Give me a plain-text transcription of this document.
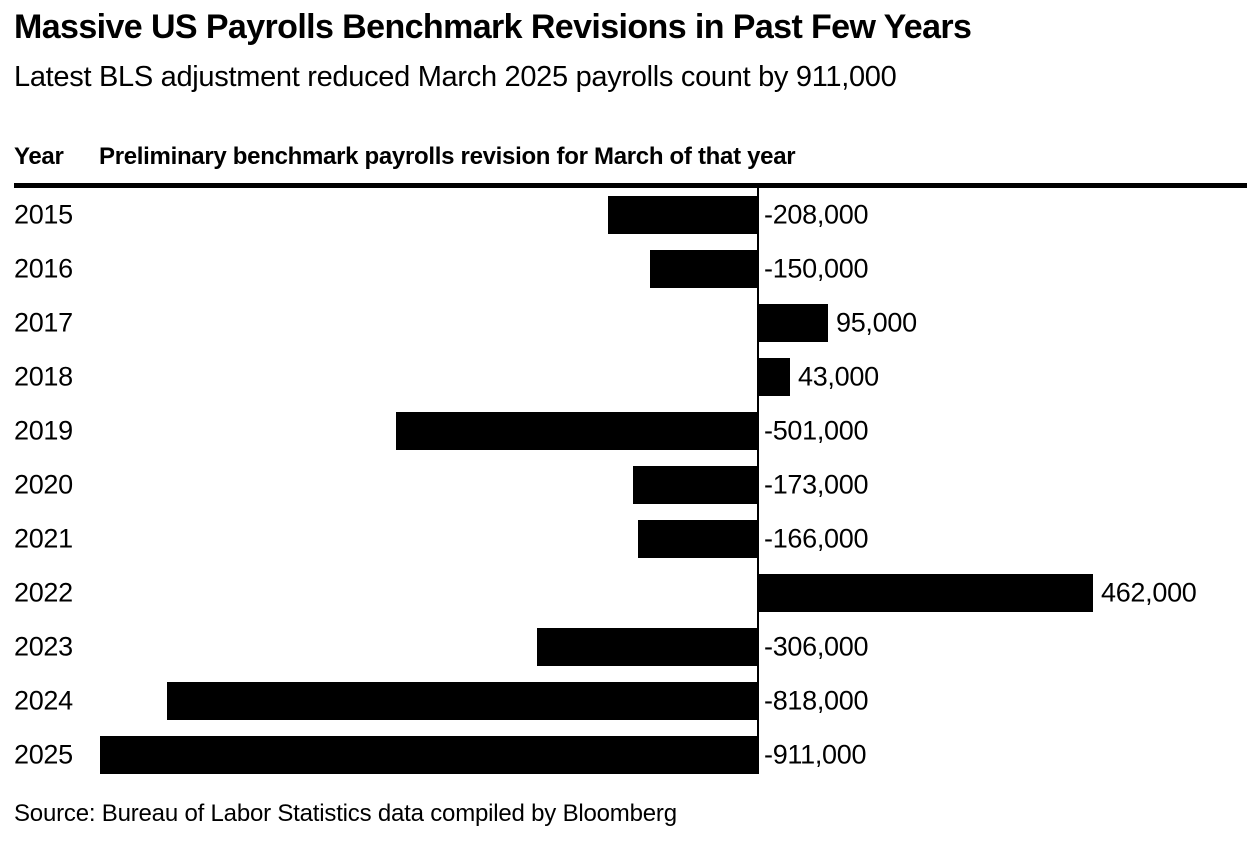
Massive US Payrolls Benchmark Revisions in Past Few Years
Latest BLS adjustment reduced March 2025 payrolls count by 911,000
Year Preliminary benchmark payrolls revision for March of that year
2015	-208,000
2016	-150,000
2017	95,000
2018	43,000
2019	-501,000
2020	-173,000
2021	-166,000
2022	462,000
2023	-306,000
2024	-818,000
2025	-911,000
Source: Bureau of Labor Statistics data compiled by Bloomberg
